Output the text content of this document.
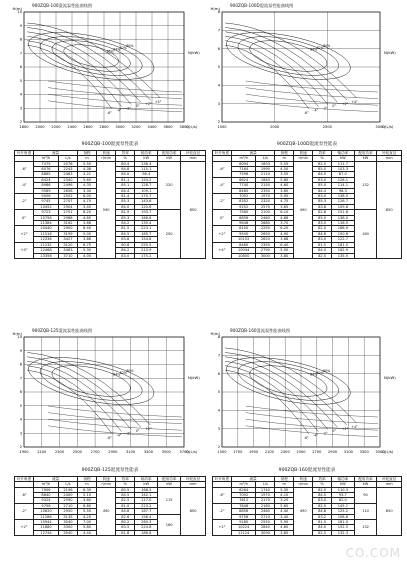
900ZQB-100混流泵性能曲线图
1800 2000 2200 2400 2600 2800 3000 3200 3400 3600 3800
10
9
8
7
6
5
4
3
2
H(m)
Q(L/s)
N(kW)
80%
82%
84%
85%
-6°
-4°
-2°
0°
+2°
+4°
900ZQB-100D混流泵性能曲线图
1500	2000	2500	3000
8
7
6
5
4
3
2
H(m)
Q(L/s)
N(kW)
80%
82%
84%
-6°
-4°
-2°
0°
+2°
+4°
900ZQB-125混流泵性能曲线图
1900 2100 2300 2500 2700 2900 3100 3300 3500 3700
10
9
8
7
6
5
4
3
2
H(m)
Q(L/s)
N(kW)
80%
82%
84%
-6°
-4°
-2°
0°
+2°
900ZQB-160混流泵性能曲线图
1500 1700 1900 2100 2300 2500 2700 2900 3100 3300 3500
8
7
6
5
4
3
2
H(m)
Q(L/s)
N(kW)
80%
82%
84%
-6°
-4°
-2°
0°
+2°
+4°
900ZQB-100混流泵性能表
叶片角度	流量		扬程	转速	效率	轴功率	配用功率	叶轮直径
	m³/h	L/s	m	r/min	%	kW	kW	mm
-6°	7475	2076	5.50	590	80.4	136.4	220	850
	8076	2243	4.38		84.8	115.1		
	8865	2463	3.21		84.0	96.4		
-4°	8424	2340	5.60		81.1	154.2		
	8986	2496	4.35		85.1	128.7		
	9569	2658	3.30		84.4	109.1		
-2°	9006	2502	6.00		81.4	170.7		
	9745	2707	4.70		85.3	143.6		
	10452	2904	3.45		84.0	120.6		
0°	9723	2701	6.20		81.9	193.7	250	
	10758	2988	4.85		85.3	166.6		
	11384	3162	3.68		84.2	135.4		
+2°	10440	2900	6.40		81.5	223.1		
	11516	3199	5.00		84.5	185.7		
	12336	3427	3.86		83.8	154.8		
+4°	11232	3120	6.75		80.8	255.5		
	12468	3463	5.30		84.2	213.9		
	13356	3710	4.00		83.0	175.2		
900ZQB-100D混流泵性能表
叶片角度	流量		扬程	转速	效率	轴功率	配用功率	叶轮直径
	m³/h	L/s	m	r/min	%	kW	kW	mm
-6°	6094	1693	5.55	490	82.5	111.7	132	850
	7164	1990	4.50		85.0	103.3		
	7596	2110	3.55		84.5	87.0		
-4°	6624	1840	5.80		83.0	126.1		
	7740	2150	4.60		85.0	114.1		
	8460	2350	3.60		84.4	98.3		
-2°	7092	1970	5.95		83.0	138.5		
	8352	2320	4.75		85.3	126.7		
	9252	2570	3.65		83.8	109.8		
0°	7560	2100	6.10		82.8	151.8	160	
	8856	2460	4.86		85.0	138.0		
	9648	2680	3.70		83.5	116.5		
+2°	8100	2250	6.20		82.0	166.9		
	9540	2650	4.90		84.6	150.6		
	10152	2820	3.68		83.0	122.7		
+4°	8460	2350	6.40		81.5	181.0		
	10044	2790	5.00		84.0	162.9		
	10800	3000	3.80		82.5	135.5		
900ZQB-125混流泵性能表
叶片角度	流量		扬程	转速	效率	轴功率	配用功率	叶轮直径
	m³/h	L/s	m	r/min	%	kW	kW	mm
-6°	7906	2196	6.30	490	80.5	168.5	115	850
	8640	2400	5.10		84.5	142.1		
	9324	2590	3.80		82.5	117.0		
-2°	9756	2710	6.80		81.0	223.2		
	10620	2950	5.50		84.8	187.7		
	11286	3135	4.20		82.6	156.4	160	
+2°	10944	3040	7.00		80.2	260.3		
	11880	3300	5.80		83.5	224.8		
	12744	3540	4.40		81.8	186.8		
900ZQB-160混流泵性能表
叶片角度	流量		扬程	转速	效率	轴功率	配用功率	叶轮直径
	m³/h	L/s	m	r/min	%	kW	kW	mm
-6°	6264	1740	5.30	490	82.0	110.3	90	850
	7092	1970	4.10		84.5	93.7		
	7812	2170	3.20		83.0	82.0		
-2°	7848	2180	5.60		82.5	145.1	110	
	8856	2460	4.40		84.8	125.2		
	9756	2710	3.40		83.2	108.6		
+2°	9180	2550	5.90		81.5	181.0	132	
	10224	2840	4.60		84.0	152.5		
	11124	3090	3.60		82.5	132.3		
CO.COM
